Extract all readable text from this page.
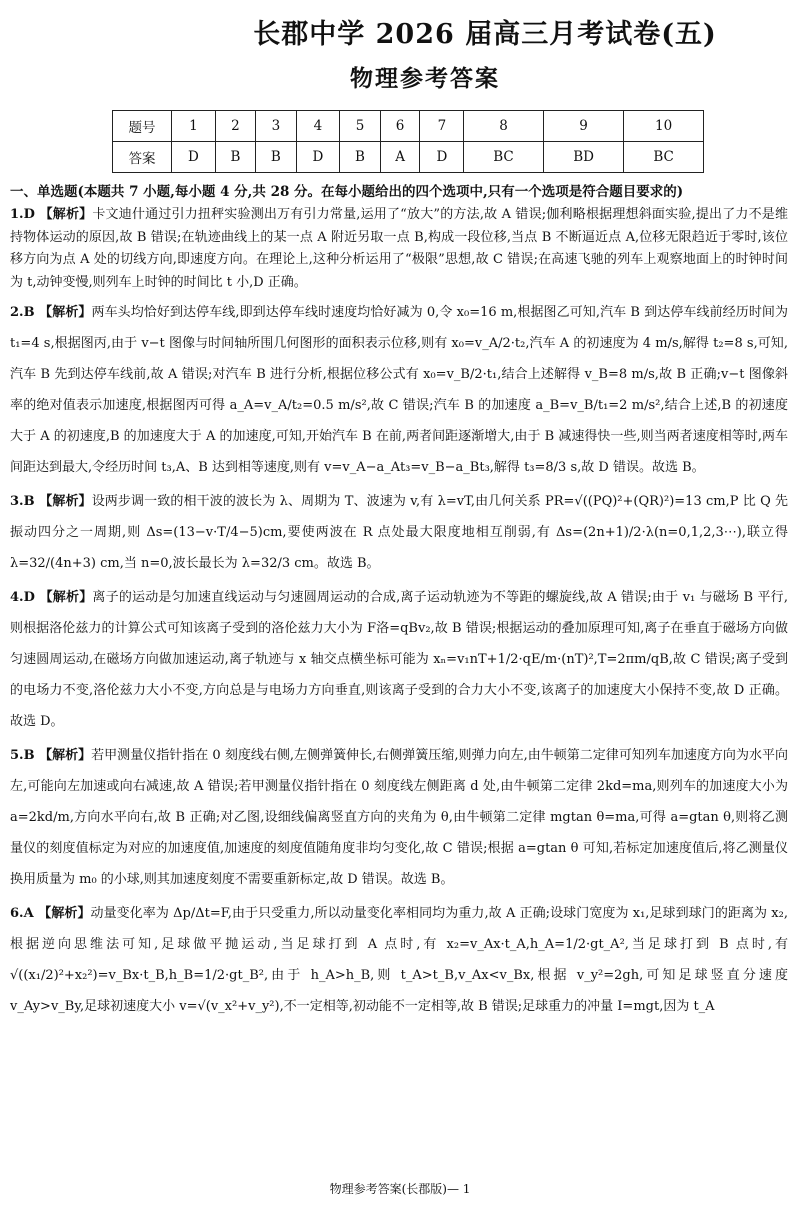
长郡中学 2026 届高三月考试卷(五)
物理参考答案
题号	1	2	3	4	5	6	7	8	9	10
答案	D	B	B	D	B	A	D	BC	BD	BC
一、单选题(本题共 7 小题,每小题 4 分,共 28 分。在每小题给出的四个选项中,只有一个选项是符合题目要求的)

1.D 【解析】卡文迪什通过引力扭秤实验测出万有引力常量,运用了“放大”的方法,故 A 错误;伽利略根据理想斜面实验,提出了力不是维持物体运动的原因,故 B 错误;在轨迹曲线上的某一点 A 附近另取一点 B,构成一段位移,当点 B 不断逼近点 A,位移无限趋近于零时,该位移方向为点 A 处的切线方向,即速度方向。在理论上,这种分析运用了“极限”思想,故 C 错误;在高速飞驰的列车上观察地面上的时钟时间为 t,动钟变慢,则列车上时钟的时间比 t 小,D 正确。

2.B 【解析】两车头均恰好到达停车线,即到达停车线时速度均恰好减为 0,令 x₀=16 m,根据图乙可知,汽车 B 到达停车线前经历时间为 t₁=4 s,根据图丙,由于 v−t 图像与时间轴所围几何图形的面积表示位移,则有 x₀=v_A/2·t₂,汽车 A 的初速度为 4 m/s,解得 t₂=8 s,可知,汽车 B 先到达停车线前,故 A 错误;对汽车 B 进行分析,根据位移公式有 x₀=v_B/2·t₁,结合上述解得 v_B=8 m/s,故 B 正确;v−t 图像斜率的绝对值表示加速度,根据图丙可得 a_A=v_A/t₂=0.5 m/s²,故 C 错误;汽车 B 的加速度 a_B=v_B/t₁=2 m/s²,结合上述,B 的初速度大于 A 的初速度,B 的加速度大于 A 的加速度,可知,开始汽车 B 在前,两者间距逐渐增大,由于 B 减速得快一些,则当两者速度相等时,两车间距达到最大,令经历时间 t₃,A、B 达到相等速度,则有 v=v_A−a_At₃=v_B−a_Bt₃,解得 t₃=8/3 s,故 D 错误。故选 B。

3.B 【解析】设两步调一致的相干波的波长为 λ、周期为 T、波速为 v,有 λ=vT,由几何关系 PR=√((PQ)²+(QR)²)=13 cm,P 比 Q 先振动四分之一周期,则 Δs=(13−v·T/4−5)cm,要使两波在 R 点处最大限度地相互削弱,有 Δs=(2n+1)/2·λ(n=0,1,2,3⋯),联立得 λ=32/(4n+3) cm,当 n=0,波长最长为 λ=32/3 cm。故选 B。

4.D 【解析】离子的运动是匀加速直线运动与匀速圆周运动的合成,离子运动轨迹为不等距的螺旋线,故 A 错误;由于 v₁ 与磁场 B 平行,则根据洛伦兹力的计算公式可知该离子受到的洛伦兹力大小为 F洛=qBv₂,故 B 错误;根据运动的叠加原理可知,离子在垂直于磁场方向做匀速圆周运动,在磁场方向做加速运动,离子轨迹与 x 轴交点横坐标可能为 xₙ=v₁nT+1/2·qE/m·(nT)²,T=2πm/qB,故 C 错误;离子受到的电场力不变,洛伦兹力大小不变,方向总是与电场力方向垂直,则该离子受到的合力大小不变,该离子的加速度大小保持不变,故 D 正确。故选 D。

5.B 【解析】若甲测量仪指针指在 0 刻度线右侧,左侧弹簧伸长,右侧弹簧压缩,则弹力向左,由牛顿第二定律可知列车加速度方向为水平向左,可能向左加速或向右减速,故 A 错误;若甲测量仪指针指在 0 刻度线左侧距离 d 处,由牛顿第二定律 2kd=ma,则列车的加速度大小为 a=2kd/m,方向水平向右,故 B 正确;对乙图,设细线偏离竖直方向的夹角为 θ,由牛顿第二定律 mgtan θ=ma,可得 a=gtan θ,则将乙测量仪的刻度值标定为对应的加速度值,加速度的刻度值随角度非均匀变化,故 C 错误;根据 a=gtan θ 可知,若标定加速度值后,将乙测量仪换用质量为 m₀ 的小球,则其加速度刻度不需要重新标定,故 D 错误。故选 B。

6.A 【解析】动量变化率为 Δp/Δt=F,由于只受重力,所以动量变化率相同均为重力,故 A 正确;设球门宽度为 x₁,足球到球门的距离为 x₂,根据逆向思维法可知,足球做平抛运动,当足球打到 A 点时,有 x₂=v_Ax·t_A,h_A=1/2·gt_A²,当足球打到 B 点时,有 √((x₁/2)²+x₂²)=v_Bx·t_B,h_B=1/2·gt_B²,由于 h_A>h_B,则 t_A>t_B,v_Ax<v_Bx,根据 v_y²=2gh,可知足球竖直分速度 v_Ay>v_By,足球初速度大小 v=√(v_x²+v_y²),不一定相等,初动能不一定相等,故 B 错误;足球重力的冲量 I=mgt,因为 t_A

物理参考答案(长郡版)— 1
